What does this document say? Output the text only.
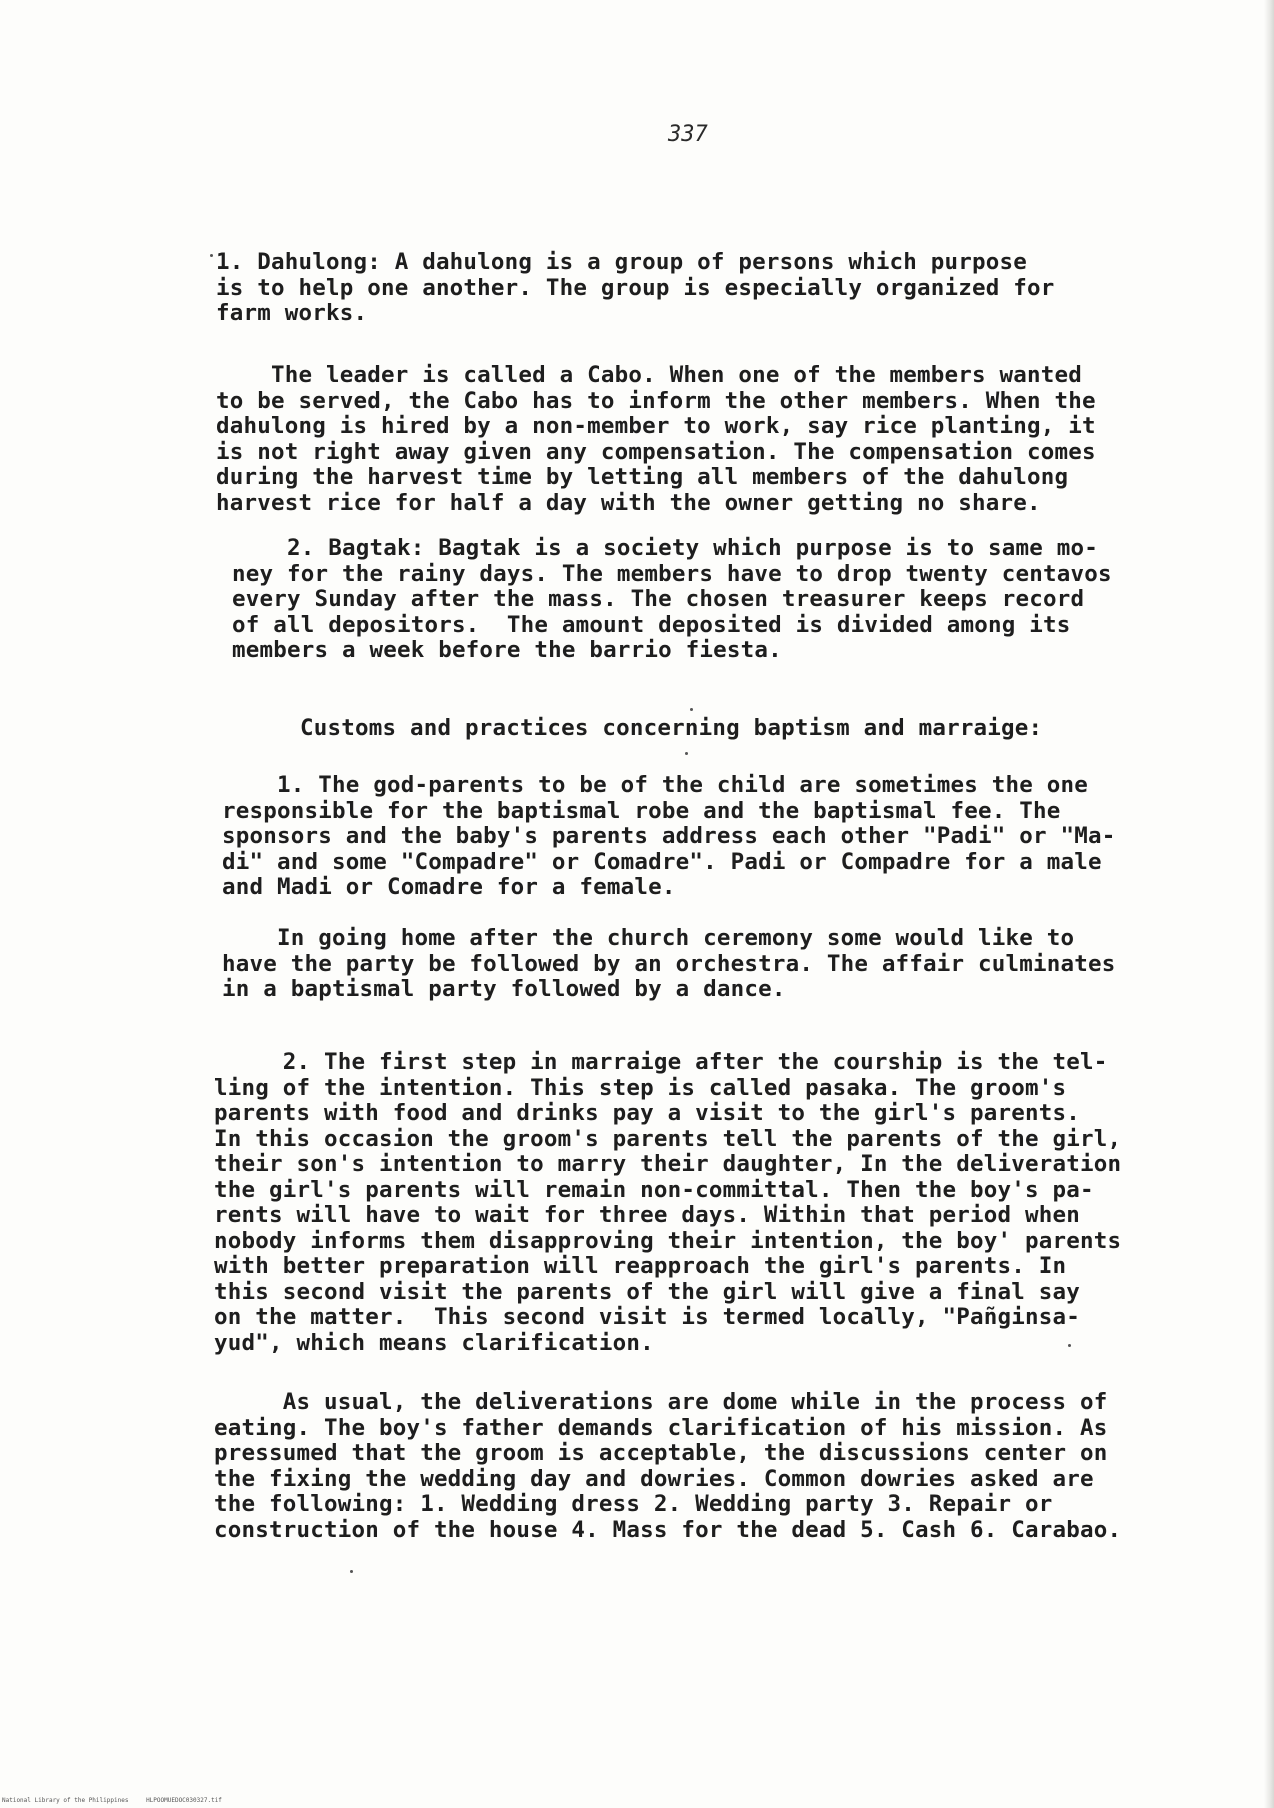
337
1. Dahulong: A dahulong is a group of persons which purpose
is to help one another. The group is especially organized for
farm works.
The leader is called a Cabo. When one of the members wanted
to be served, the Cabo has to inform the other members. When the
dahulong is hired by a non-member to work, say rice planting, it
is not right away given any compensation. The compensation comes
during the harvest time by letting all members of the dahulong
harvest rice for half a day with the owner getting no share.
2. Bagtak: Bagtak is a society which purpose is to same mo-
ney for the rainy days. The members have to drop twenty centavos
every Sunday after the mass. The chosen treasurer keeps record
of all depositors.  The amount deposited is divided among its
members a week before the barrio fiesta.
Customs and practices concerning baptism and marraige:
1. The god-parents to be of the child are sometimes the one
responsible for the baptismal robe and the baptismal fee. The
sponsors and the baby's parents address each other "Padi" or "Ma-
di" and some "Compadre" or Comadre". Padi or Compadre for a male
and Madi or Comadre for a female.
In going home after the church ceremony some would like to
have the party be followed by an orchestra. The affair culminates
in a baptismal party followed by a dance.
2. The first step in marraige after the courship is the tel-
ling of the intention. This step is called pasaka. The groom's
parents with food and drinks pay a visit to the girl's parents.
In this occasion the groom's parents tell the parents of the girl,
their son's intention to marry their daughter, In the deliveration
the girl's parents will remain non-committal. Then the boy's pa-
rents will have to wait for three days. Within that period when
nobody informs them disapproving their intention, the boy' parents
with better preparation will reapproach the girl's parents. In
this second visit the parents of the girl will give a final say
on the matter.  This second visit is termed locally, "Pañginsa-
yud", which means clarification.
As usual, the deliverations are dome while in the process of
eating. The boy's father demands clarification of his mission. As
pressumed that the groom is acceptable, the discussions center on
the fixing the wedding day and dowries. Common dowries asked are
the following: 1. Wedding dress 2. Wedding party 3. Repair or
construction of the house 4. Mass for the dead 5. Cash 6. Carabao.
National Library of the Philippines	HLPOOMUEDOC030327.tif
